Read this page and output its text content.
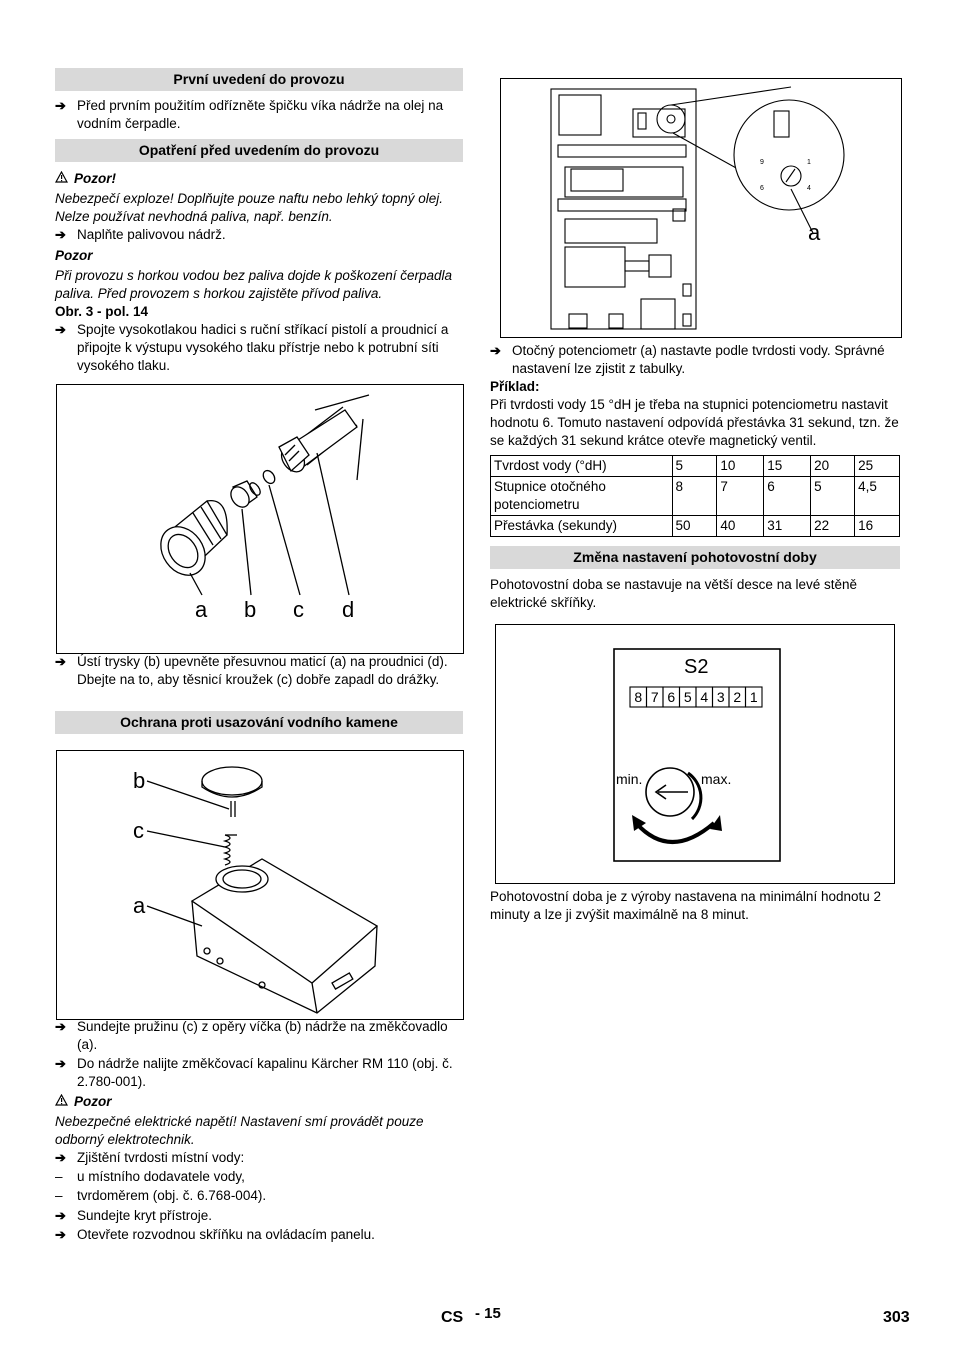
První uvedení do provozu
➔ Před prvním použitím odřízněte špičku víka nádrže na olej na vodním čerpadle.
Opatření před uvedením do provozu
Pozor!
Nebezpečí exploze! Doplňujte pouze naftu nebo lehký topný olej. Nelze používat nevhodná paliva, např. benzín.
➔ Naplňte palivovou nádrž.
Pozor
Při provozu s horkou vodou bez paliva dojde k poškození čerpadla paliva. Před provozem s horkou zajistěte přívod paliva.
Obr. 3 - pol. 14
➔ Spojte vysokotlakou hadici s ruční stříkací pistolí a proudnicí a připojte k výstupu vysokého tlaku přístrje nebo k potrubní síti vysokého tlaku.
a b c d
➔ Ústí trysky (b) upevněte přesuvnou maticí (a) na proudnici (d). Dbejte na to, aby těsnicí kroužek (c) dobře zapadl do drážky.
Ochrana proti usazování vodního kamene
b
c
a
➔ Sundejte pružinu (c) z opěry víčka (b) nádrže na změkčovadlo (a).
➔ Do nádrže nalijte změkčovací kapalinu Kärcher RM 110 (obj. č. 2.780-001).
Pozor
Nebezpečné elektrické napětí! Nastavení smí provádět pouze odborný elektrotechnik.
➔ Zjištění tvrdosti místní vody:
– u místního dodavatele vody,
– tvrdoměrem (obj. č. 6.768-004).
➔ Sundejte kryt přístroje.
➔ Otevřete rozvodnou skříňku na ovládacím panelu.
9	1
6	4
a
➔ Otočný potenciometr (a) nastavte podle tvrdosti vody. Správné nastavení lze zjistit z tabulky.
Příklad:
Při tvrdosti vody 15 °dH je třeba na stupnici potenciometru nastavit hodnotu 6. Tomuto nastavení odpovídá přestávka 31 sekund, tzn. že se každých 31 sekund krátce otevře magnetický ventil.
Tvrdost vody (°dH)	5	10	15	20	25
Stupnice otočného potenciometru	8	7	6	5	4,5
Přestávka (sekundy)	50	40	31	22	16
Změna nastavení pohotovostní doby
Pohotovostní doba se nastavuje na větší desce na levé stěně elektrické skříňky.
S2
8 7 6 5 4 3 2 1
min.	max.
Pohotovostní doba je z výroby nastavena na minimální hodnotu 2 minuty a lze ji zvýšit maximálně na 8 minut.
CS - 15	303
